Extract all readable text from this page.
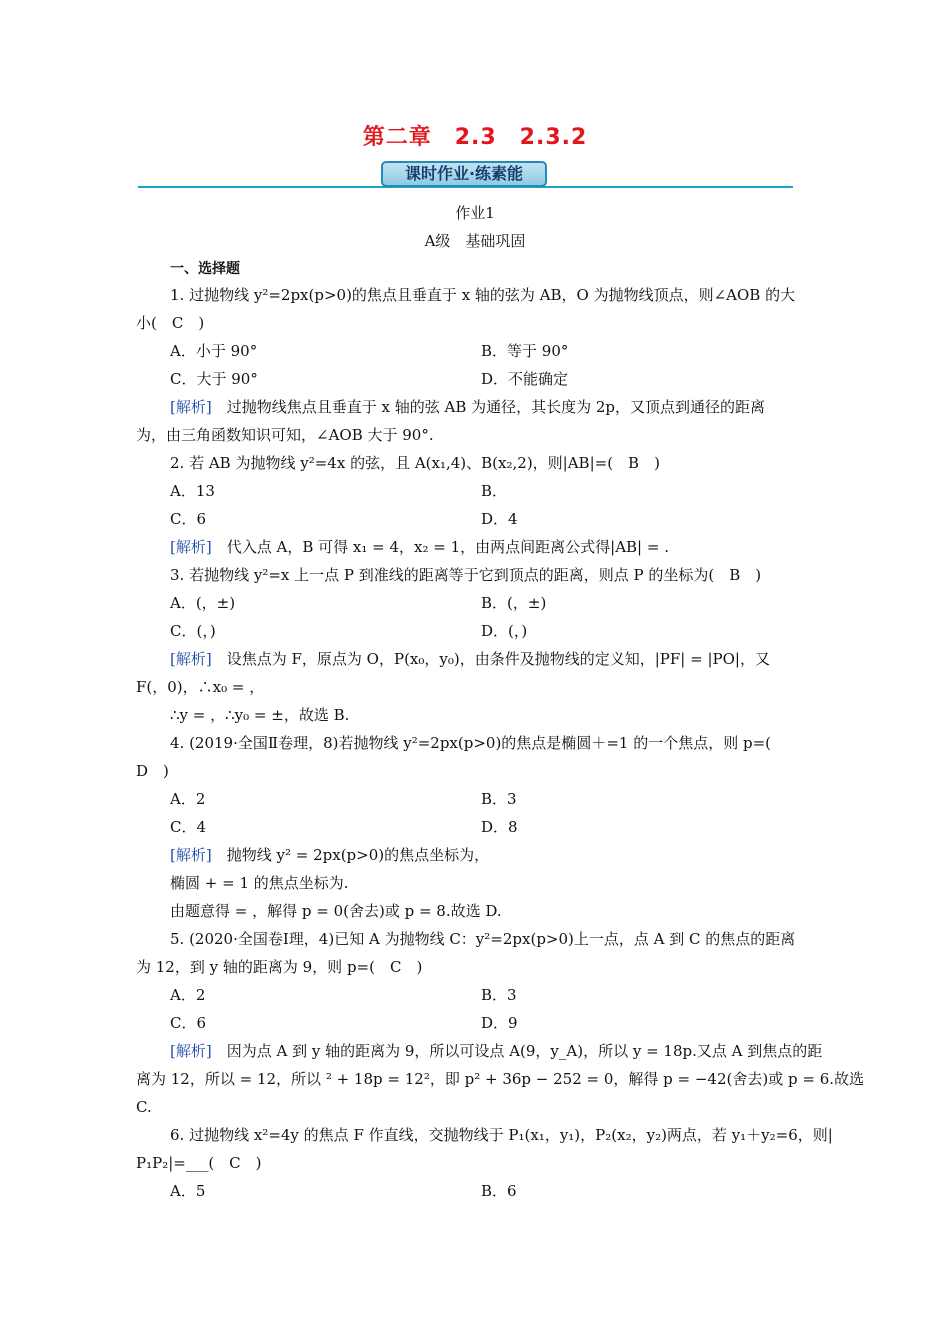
第二章　2.3　2.3.2
课时作业·练素能
作业1
A级　基础巩固
一、选择题
1. 过抛物线 y²=2px(p>0)的焦点且垂直于 x 轴的弦为 AB，O 为抛物线顶点，则∠AOB 的大
小(　C　)
A．小于 90°	B．等于 90°
C．大于 90°	D．不能确定
[解析]　 过抛物线焦点且垂直于 x 轴的弦 AB 为通径，其长度为 2p，又顶点到通径的距离
为，由三角函数知识可知，∠AOB 大于 90°.
2. 若 AB 为抛物线 y²=4x 的弦，且 A(x₁,4)、B(x₂,2)，则|AB|=(　B　)
A．13	B．
C．6	D．4
[解析]　 代入点 A，B 可得 x₁ = 4，x₂ = 1，由两点间距离公式得|AB| = .
3. 若抛物线 y²=x 上一点 P 到准线的距离等于它到顶点的距离，则点 P 的坐标为(　B　)
A．(，±)	B．(，±)
C．(，)	D．(，)
[解析]　 设焦点为 F，原点为 O，P(x₀，y₀)，由条件及抛物线的定义知，|PF| = |PO|，又
F(，0)，∴x₀ = ，
∴y = ，∴y₀ = ±，故选 B.
4. (2019·全国Ⅱ卷理，8)若抛物线 y²=2px(p>0)的焦点是椭圆＋=1 的一个焦点，则 p=(
D　)
A．2	B．3
C．4	D．8
[解析]　 抛物线 y² = 2px(p>0)的焦点坐标为，
椭圆 + = 1 的焦点坐标为.
由题意得 = ，解得 p = 0(舍去)或 p = 8.故选 D.
5. (2020·全国卷Ⅰ理，4)已知 A 为抛物线 C：y²=2px(p>0)上一点，点 A 到 C 的焦点的距离
为 12，到 y 轴的距离为 9，则 p=(　C　)
A．2	B．3
C．6	D．9
[解析]　 因为点 A 到 y 轴的距离为 9，所以可设点 A(9，y_A)，所以 y = 18p.又点 A 到焦点的距
离为 12，所以 = 12，所以 ² + 18p = 12²，即 p² + 36p − 252 = 0，解得 p = −42(舍去)或 p = 6.故选
C.
6. 过抛物线 x²=4y 的焦点 F 作直线，交抛物线于 P₁(x₁，y₁)，P₂(x₂，y₂)两点，若 y₁＋y₂=6，则|
P₁P₂|=___(　C　)
A．5	B．6
